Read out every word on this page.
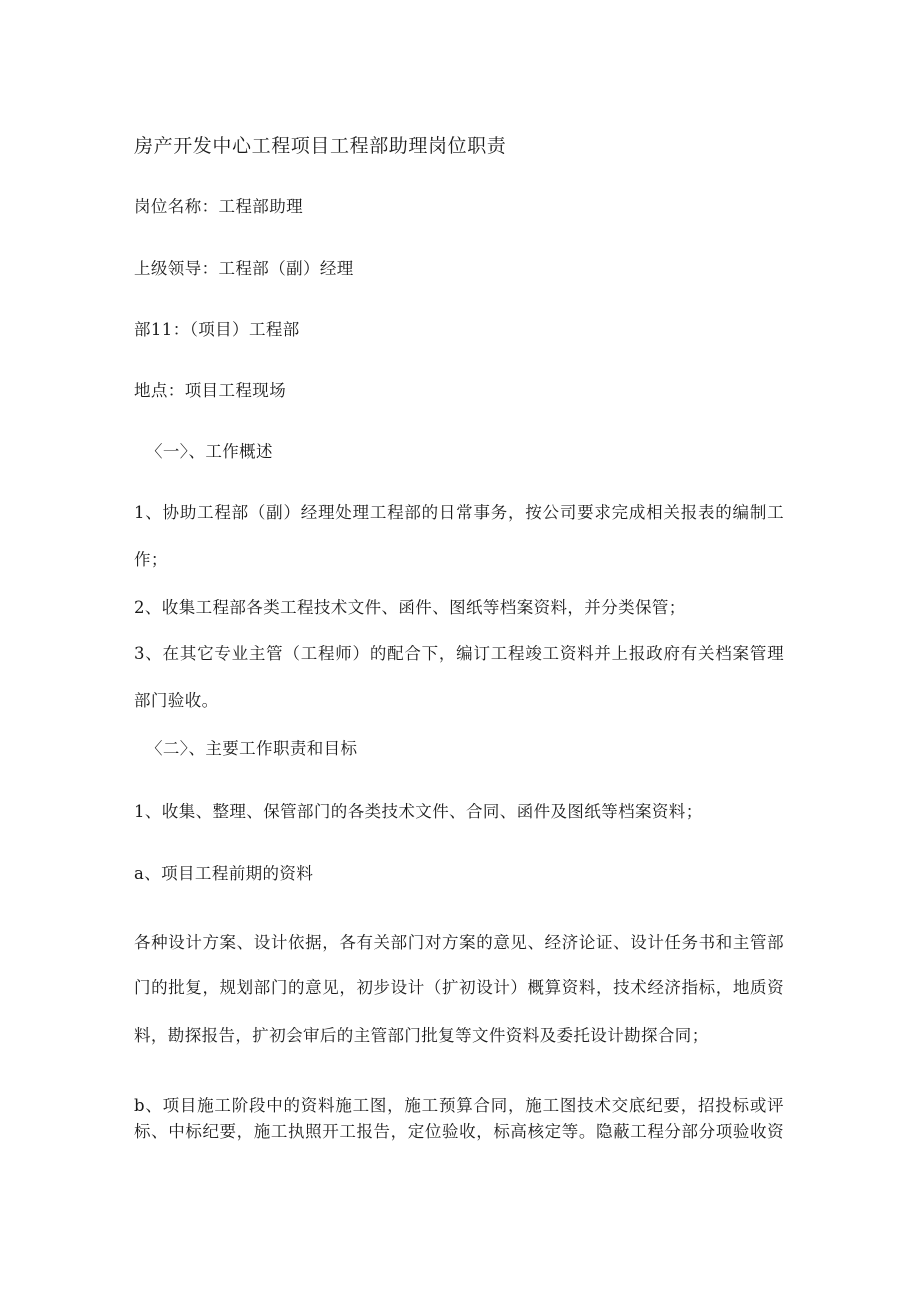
房产开发中心工程项目工程部助理岗位职责
岗位名称：工程部助理
上级领导：工程部（副）经理
部11：（项目）工程部
地点：项目工程现场
〈一〉、工作概述
1、协助工程部（副）经理处理工程部的日常事务，按公司要求完成相关报表的编制工
作；
2、收集工程部各类工程技术文件、函件、图纸等档案资料，并分类保管；
3、在其它专业主管（工程师）的配合下，编订工程竣工资料并上报政府有关档案管理
部门验收。
〈二〉、主要工作职责和目标
1、收集、整理、保管部门的各类技术文件、合同、函件及图纸等档案资料；
a、项目工程前期的资料
各种设计方案、设计依据，各有关部门对方案的意见、经济论证、设计任务书和主管部
门的批复，规划部门的意见，初步设计（扩初设计）概算资料，技术经济指标，地质资
料，勘探报告，扩初会审后的主管部门批复等文件资料及委托设计勘探合同；
b、项目施工阶段中的资料施工图，施工预算合同，施工图技术交底纪要，招投标或评
标、中标纪要，施工执照开工报告，定位验收，标高核定等。隐蔽工程分部分项验收资
